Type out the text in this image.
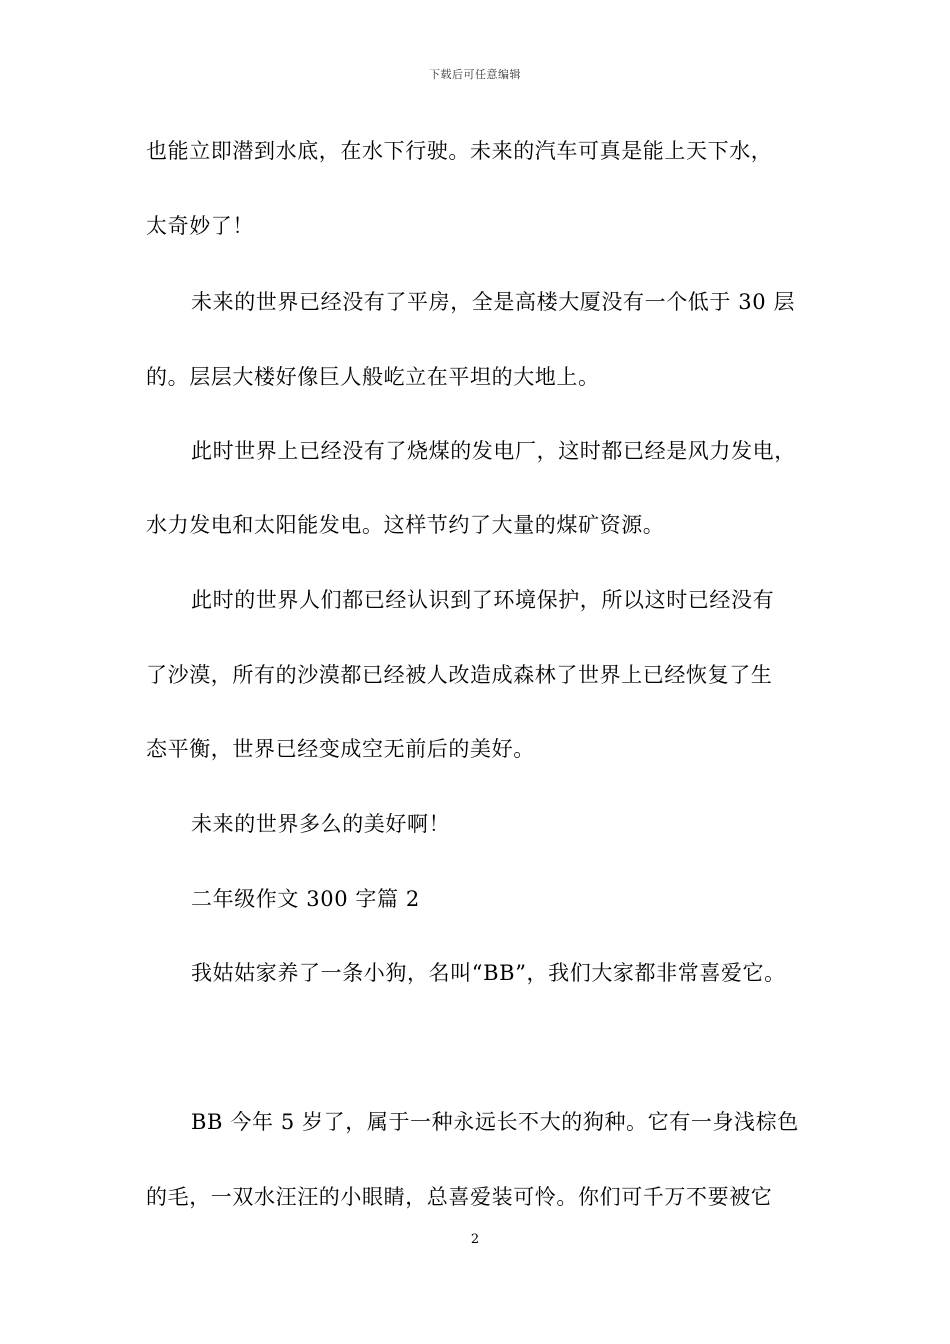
下载后可任意编辑
也能立即潜到水底，在水下行驶。未来的汽车可真是能上天下水，
太奇妙了！
未来的世界已经没有了平房，全是高楼大厦没有一个低于 30 层
的。层层大楼好像巨人般屹立在平坦的大地上。
此时世界上已经没有了烧煤的发电厂，这时都已经是风力发电，
水力发电和太阳能发电。这样节约了大量的煤矿资源。
此时的世界人们都已经认识到了环境保护，所以这时已经没有
了沙漠，所有的沙漠都已经被人改造成森林了世界上已经恢复了生
态平衡，世界已经变成空无前后的美好。
未来的世界多么的美好啊！
二年级作文 300 字篇 2
我姑姑家养了一条小狗，名叫“BB”，我们大家都非常喜爱它。
BB 今年 5 岁了，属于一种永远长不大的狗种。它有一身浅棕色
的毛，一双水汪汪的小眼睛，总喜爱装可怜。你们可千万不要被它
2
